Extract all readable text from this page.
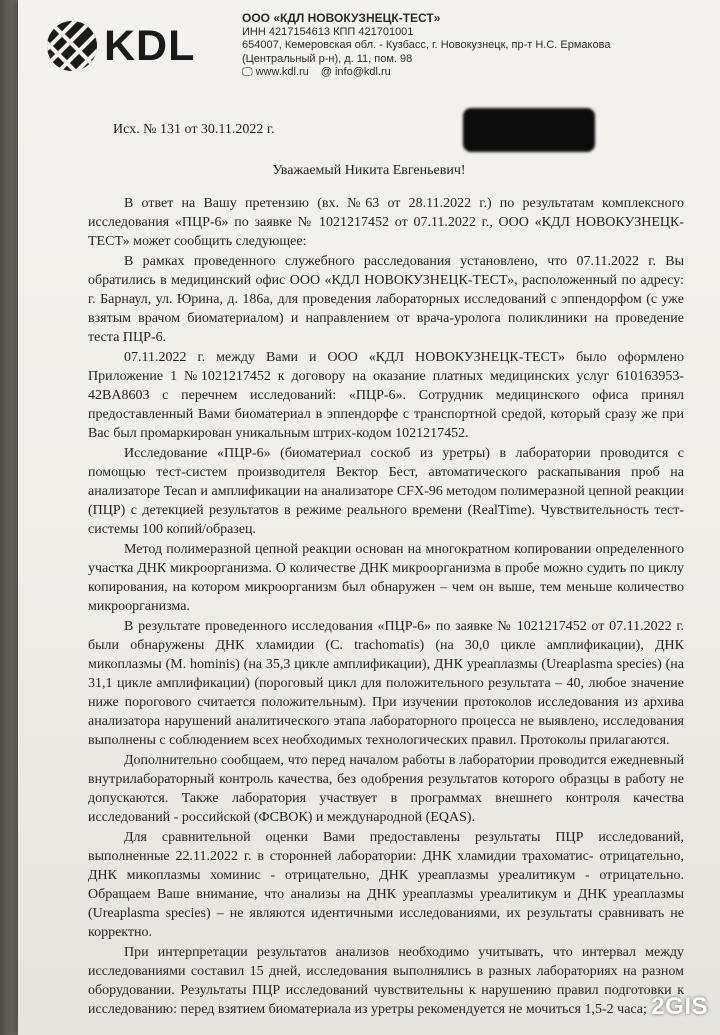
KDL
ООО «КДЛ НОВОКУЗНЕЦК-ТЕСТ»
ИНН 4217154613 КПП 421701001
654007, Кемеровская обл. - Кузбасс, г. Новокузнецк, пр-т Н.С. Ермакова (Центральный р-н), д. 11, пом. 98
🖵 www.kdl.ru @ info@kdl.ru
Исх. № 131 от 30.11.2022 г.
Уважаемый Никита Евгеньевич!

В ответ на Вашу претензию (вх. №63 от 28.11.2022 г.) по результатам комплексного исследования «ПЦР-6» по заявке № 1021217452 от 07.11.2022 г., ООО «КДЛ НОВОКУЗНЕЦК-ТЕСТ» может сообщить следующее:

В рамках проведенного служебного расследования установлено, что 07.11.2022 г. Вы обратились в медицинский офис ООО «КДЛ НОВОКУЗНЕЦК-ТЕСТ», расположенный по адресу: г. Барнаул, ул. Юрина, д. 186а, для проведения лабораторных исследований с эппендорфом (с уже взятым врачом биоматериалом) и направлением от врача-уролога поликлиники на проведение теста ПЦР-6.

07.11.2022 г. между Вами и ООО «КДЛ НОВОКУЗНЕЦК-ТЕСТ» было оформлено Приложение 1 №1021217452 к договору на оказание платных медицинских услуг 610163953-42BA8603 с перечнем исследований: «ПЦР-6». Сотрудник медицинского офиса принял предоставленный Вами биоматериал в эппендорфе с транспортной средой, который сразу же при Вас был промаркирован уникальным штрих-кодом 1021217452.

Исследование «ПЦР-6» (биоматериал соскоб из уретры) в лаборатории проводится с помощью тест-систем производителя Вектор Бест, автоматического раскапывания проб на анализаторе Tecan и амплификации на анализаторе CFX-96 методом полимеразной цепной реакции (ПЦР) с детекцией результатов в режиме реального времени (RealTime). Чувствительность тест-системы 100 копий/образец.

Метод полимеразной цепной реакции основан на многократном копировании определенного участка ДНК микроорганизма. О количестве ДНК микроорганизма в пробе можно судить по циклу копирования, на котором микроорганизм был обнаружен – чем он выше, тем меньше количество микроорганизма.

В результате проведенного исследования «ПЦР-6» по заявке № 1021217452 от 07.11.2022 г. были обнаружены ДНК хламидии (C. trachomatis) (на 30,0 цикле амплификации), ДНК микоплазмы (M. hominis) (на 35,3 цикле амплификации), ДНК уреаплазмы (Ureaplasma species) (на 31,1 цикле амплификации) (пороговый цикл для положительного результата – 40, любое значение ниже порогового считается положительным). При изучении протоколов исследования из архива анализатора нарушений аналитического этапа лабораторного процесса не выявлено, исследования выполнены с соблюдением всех необходимых технологических правил. Протоколы прилагаются.

Дополнительно сообщаем, что перед началом работы в лаборатории проводится ежедневный внутрилабораторный контроль качества, без одобрения результатов которого образцы в работу не допускаются. Также лаборатория участвует в программах внешнего контроля качества исследований - российской (ФСВОК) и международной (EQAS).

Для сравнительной оценки Вами предоставлены результаты ПЦР исследований, выполненные 22.11.2022 г. в сторонней лаборатории: ДНК хламидии трахоматис- отрицательно, ДНК микоплазмы хоминис - отрицательно, ДНК уреаплазмы уреалитикум - отрицательно. Обращаем Ваше внимание, что анализы на ДНК уреаплазмы уреалитикум и ДНК уреаплазмы (Ureaplasma species) – не являются идентичными исследованиями, их результаты сравнивать не корректно.

При интерпретации результатов анализов необходимо учитывать, что интервал между исследованиями составил 15 дней, исследования выполнялись в разных лабораториях на разном оборудовании. Результаты ПЦР исследований чувствительны к нарушению правил подготовки к исследованию: перед взятием биоматериала из уретры рекомендуется не мочиться 1,5-2 часа; 2GIS
